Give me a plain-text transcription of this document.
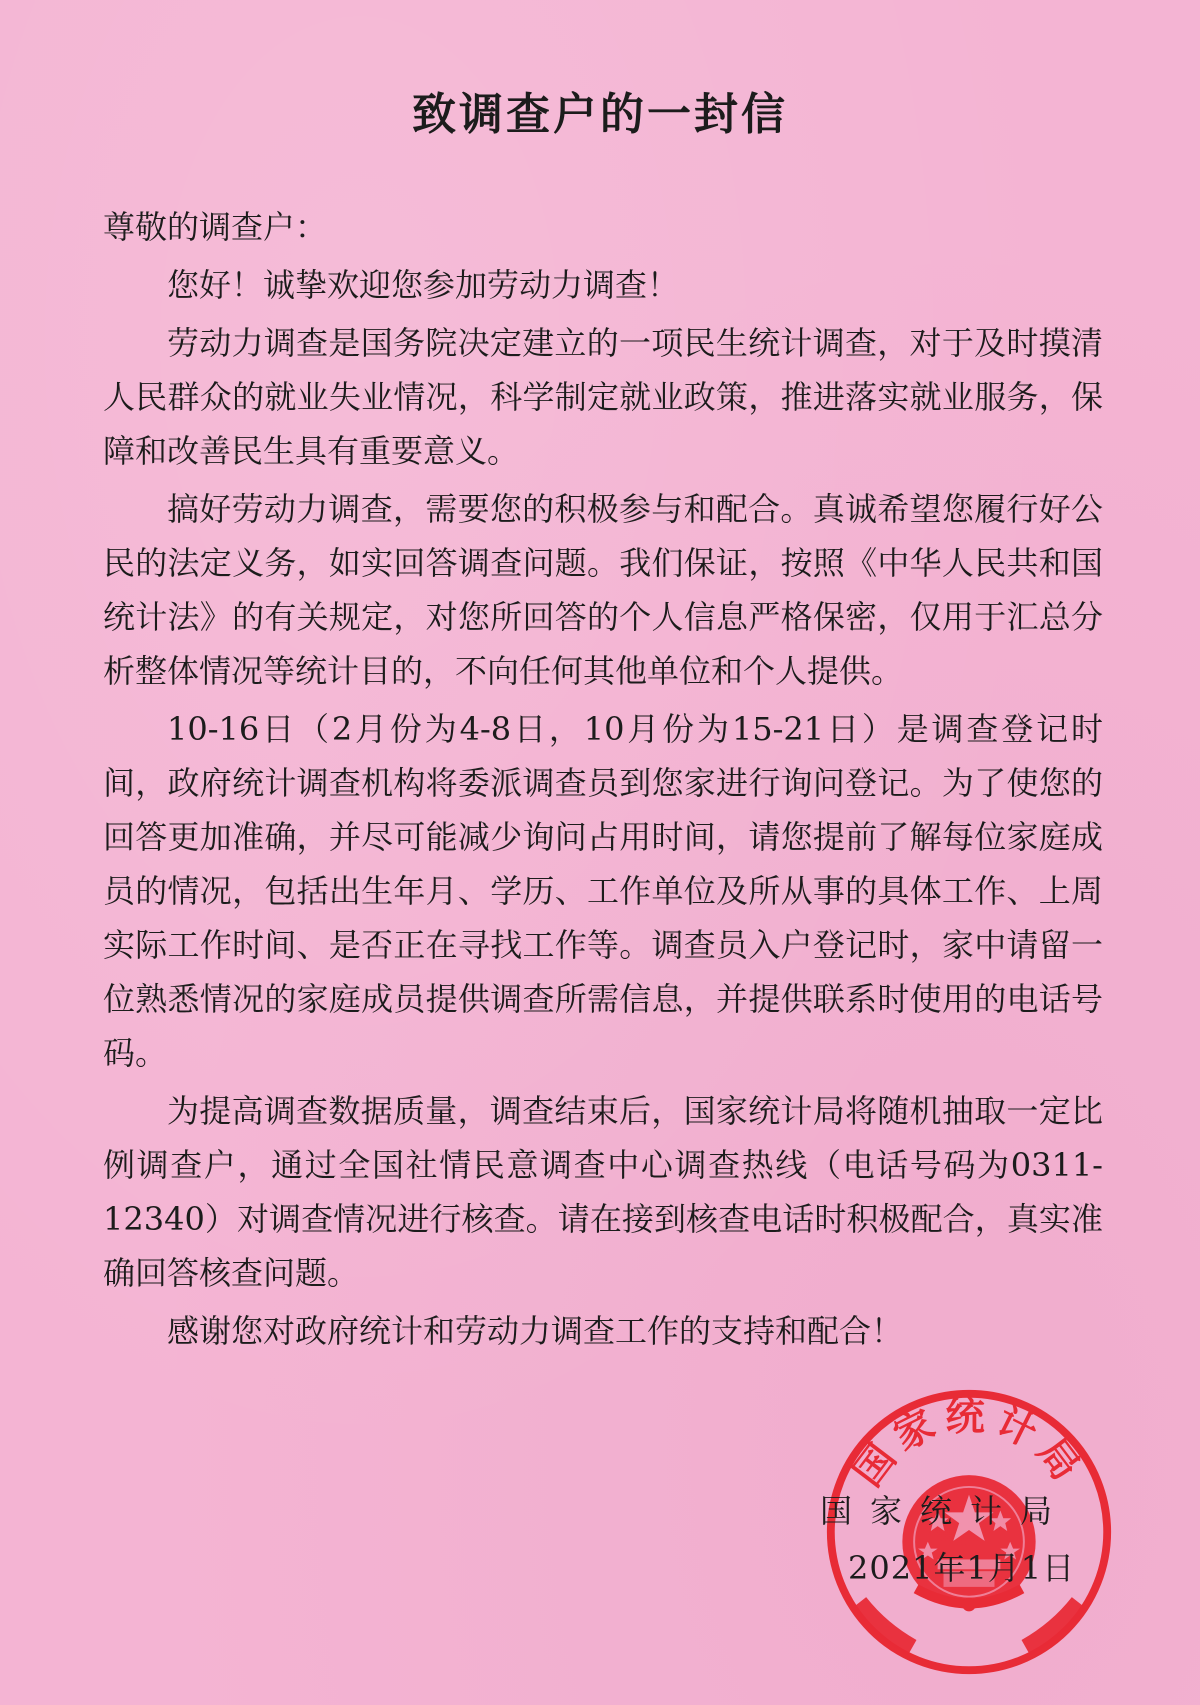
致调查户的一封信

尊敬的调查户：

您好！诚挚欢迎您参加劳动力调查！

劳动力调查是国务院决定建立的一项民生统计调查，对于及时摸清人民群众的就业失业情况，科学制定就业政策，推进落实就业服务，保障和改善民生具有重要意义。

搞好劳动力调查，需要您的积极参与和配合。真诚希望您履行好公民的法定义务，如实回答调查问题。我们保证，按照《中华人民共和国统计法》的有关规定，对您所回答的个人信息严格保密，仅用于汇总分析整体情况等统计目的，不向任何其他单位和个人提供。

10-16日（2月份为4-8日，10月份为15-21日）是调查登记时间，政府统计调查机构将委派调查员到您家进行询问登记。为了使您的回答更加准确，并尽可能减少询问占用时间，请您提前了解每位家庭成员的情况，包括出生年月、学历、工作单位及所从事的具体工作、上周实际工作时间、是否正在寻找工作等。调查员入户登记时，家中请留一位熟悉情况的家庭成员提供调查所需信息，并提供联系时使用的电话号码。

为提高调查数据质量，调查结束后，国家统计局将随机抽取一定比例调查户，通过全国社情民意调查中心调查热线（电话号码为0311-12340）对调查情况进行核查。请在接到核查电话时积极配合，真实准确回答核查问题。

感谢您对政府统计和劳动力调查工作的支持和配合！

国家统计局
国家统计局
2021年1月1日
